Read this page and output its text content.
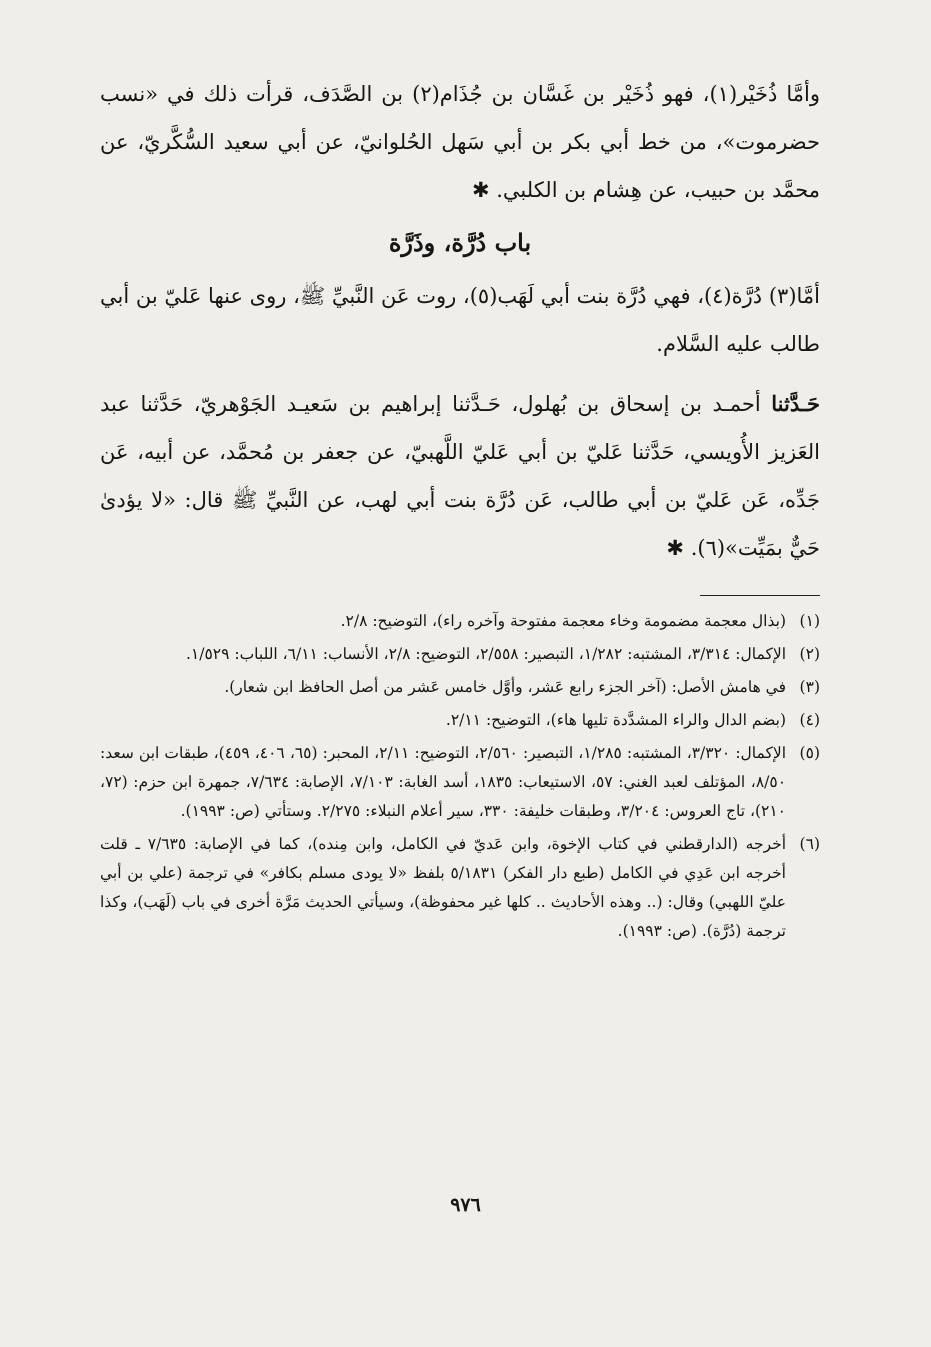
وأمَّا ذُخَيْر(١)، فهو ذُخَيْر بن غَسَّان بن جُذَام(٢) بن الصَّدَف، قرأت ذلك في «نسب حضرموت»، من خط أبي بكر بن أبي سَهل الحُلوانيّ، عن أبي سعيد السُّكَّريّ، عن محمَّد بن حبيب، عن هِشام بن الكلبي. ✱

باب دُرَّة، وذَرَّة

أمَّا(٣) دُرَّة(٤)، فهي دُرَّة بنت أبي لَهَب(٥)، روت عَن النَّبيِّ ﷺ، روى عنها عَليّ بن أبي طالب عليه السَّلام.

حَـدَّثنا أحمـد بن إسحاق بن بُهلول، حَـدَّثنا إبراهيم بن سَعيـد الجَوْهريّ، حَدَّثنا عبد العَزيز الأُويسي، حَدَّثنا عَليّ بن أبي عَليّ اللَّهبيّ، عن جعفر بن مُحمَّد، عن أبيه، عَن جَدِّه، عَن عَليّ بن أبي طالب، عَن دُرَّة بنت أبي لهب، عن النَّبيِّ ﷺ قال: «لا يؤدىٰ حَيٌّ بمَيِّت»(٦). ✱

(١)
(بذال معجمة مضمومة وخاء معجمة مفتوحة وآخره راء)، التوضيح: ٢/٨.
(٢)
الإكمال: ٣/٣١٤، المشتبه: ١/٢٨٢، التبصير: ٢/٥٥٨، التوضيح: ٢/٨، الأنساب: ٦/١١، اللباب: ١/٥٢٩.
(٣)
في هامش الأصل: (آخر الجزء رابع عَشر، وأوَّل خامس عَشر من أصل الحافظ ابن شعار).
(٤)
(بضم الدال والراء المشدَّدة تليها هاء)، التوضيح: ٢/١١.
(٥)
الإكمال: ٣/٣٢٠، المشتبه: ١/٢٨٥، التبصير: ٢/٥٦٠، التوضيح: ٢/١١، المحبر: (٦٥، ٤٠٦، ٤٥٩)، طبقات ابن سعد: ٨/٥٠، المؤتلف لعبد الغني: ٥٧، الاستيعاب: ١٨٣٥، أسد الغابة: ٧/١٠٣، الإصابة: ٧/٦٣٤، جمهرة ابن حزم: (٧٢، ٢١٠)، تاج العروس: ٣/٢٠٤، وطبقات خليفة: ٣٣٠، سير أعلام النبلاء: ٢/٢٧٥. وستأتي (ص: ١٩٩٣).
(٦)
أخرجه (الدارقطني في كتاب الإخوة، وابن عَديّ في الكامل، وابن مِنده)، كما في الإصابة: ٧/٦٣٥ ـ قلت أخرجه ابن عَدِي في الكامل (طبع دار الفكر) ٥/١٨٣١ بلفظ «لا يودى مسلم بكافر» في ترجمة (علي بن أبي عليّ اللهبي) وقال: (.. وهذه الأحاديث .. كلها غير محفوظة)، وسيأتي الحديث مَرَّة أخرى في باب (لَهَب)، وكذا ترجمة (دُرَّة). (ص: ١٩٩٣).
٩٧٦
